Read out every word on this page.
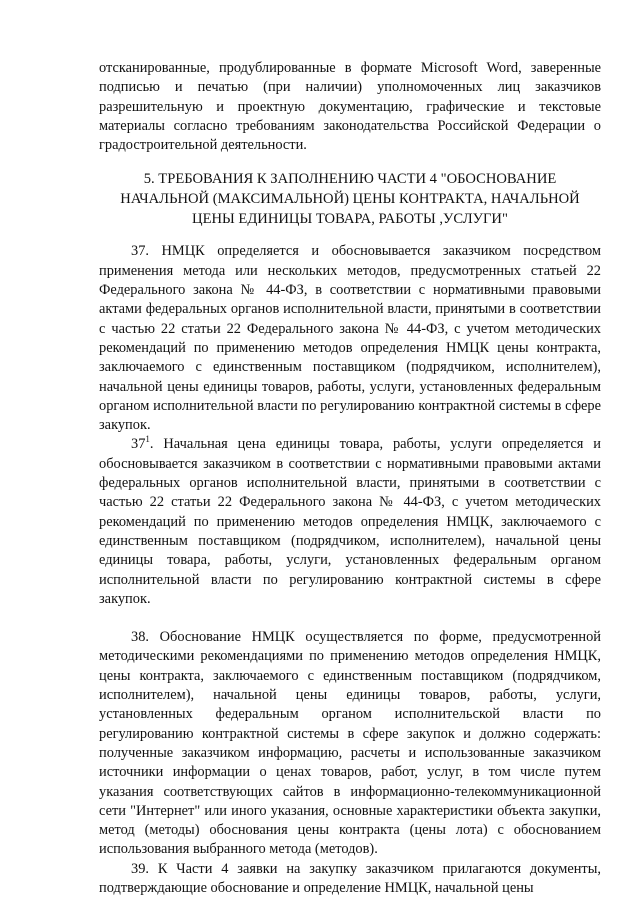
отсканированные, продублированные в формате Microsoft Word, заверенные подписью и печатью (при наличии) уполномоченных лиц заказчиков разрешительную и проектную документацию, графические и текстовые материалы согласно требованиям законодательства Российской Федерации о градостроительной деятельности.

5. ТРЕБОВАНИЯ К ЗАПОЛНЕНИЮ ЧАСТИ 4 "ОБОСНОВАНИЕ НАЧАЛЬНОЙ (МАКСИМАЛЬНОЙ) ЦЕНЫ КОНТРАКТА, НАЧАЛЬНОЙ ЦЕНЫ ЕДИНИЦЫ ТОВАРА, РАБОТЫ ,УСЛУГИ"

37. НМЦК определяется и обосновывается заказчиком посредством применения метода или нескольких методов, предусмотренных статьей 22 Федерального закона № 44-ФЗ, в соответствии с нормативными правовыми актами федеральных органов исполнительной власти, принятыми в соответствии с частью 22 статьи 22 Федерального закона № 44-ФЗ, с учетом методических рекомендаций по применению методов определения НМЦК цены контракта, заключаемого с единственным поставщиком (подрядчиком, исполнителем), начальной цены единицы товаров, работы, услуги, установленных федеральным органом исполнительной власти по регулированию контрактной системы в сфере закупок.

$37^1$. Начальная цена единицы товара, работы, услуги определяется и обосновывается заказчиком в соответствии с нормативными правовыми актами федеральных органов исполнительной власти, принятыми в соответствии с частью 22 статьи 22 Федерального закона № 44-ФЗ, с учетом методических рекомендаций по применению методов определения НМЦК, заключаемого с единственным поставщиком (подрядчиком, исполнителем), начальной цены единицы товара, работы, услуги, установленных федеральным органом исполнительной власти по регулированию контрактной системы в сфере закупок.

38. Обоснование НМЦК осуществляется по форме, предусмотренной методическими рекомендациями по применению методов определения НМЦК, цены контракта, заключаемого с единственным поставщиком (подрядчиком, исполнителем), начальной цены единицы товаров, работы, услуги, установленных федеральным органом исполнительской власти по регулированию контрактной системы в сфере закупок и должно содержать: полученные заказчиком информацию, расчеты и использованные заказчиком источники информации о ценах товаров, работ, услуг, в том числе путем указания соответствующих сайтов в информационно-телекоммуникационной сети "Интернет" или иного указания, основные характеристики объекта закупки, метод (методы) обоснования цены контракта (цены лота) с обоснованием использования выбранного метода (методов).

39. К Части 4 заявки на закупку заказчиком прилагаются документы, подтверждающие обоснование и определение НМЦК, начальной цены
